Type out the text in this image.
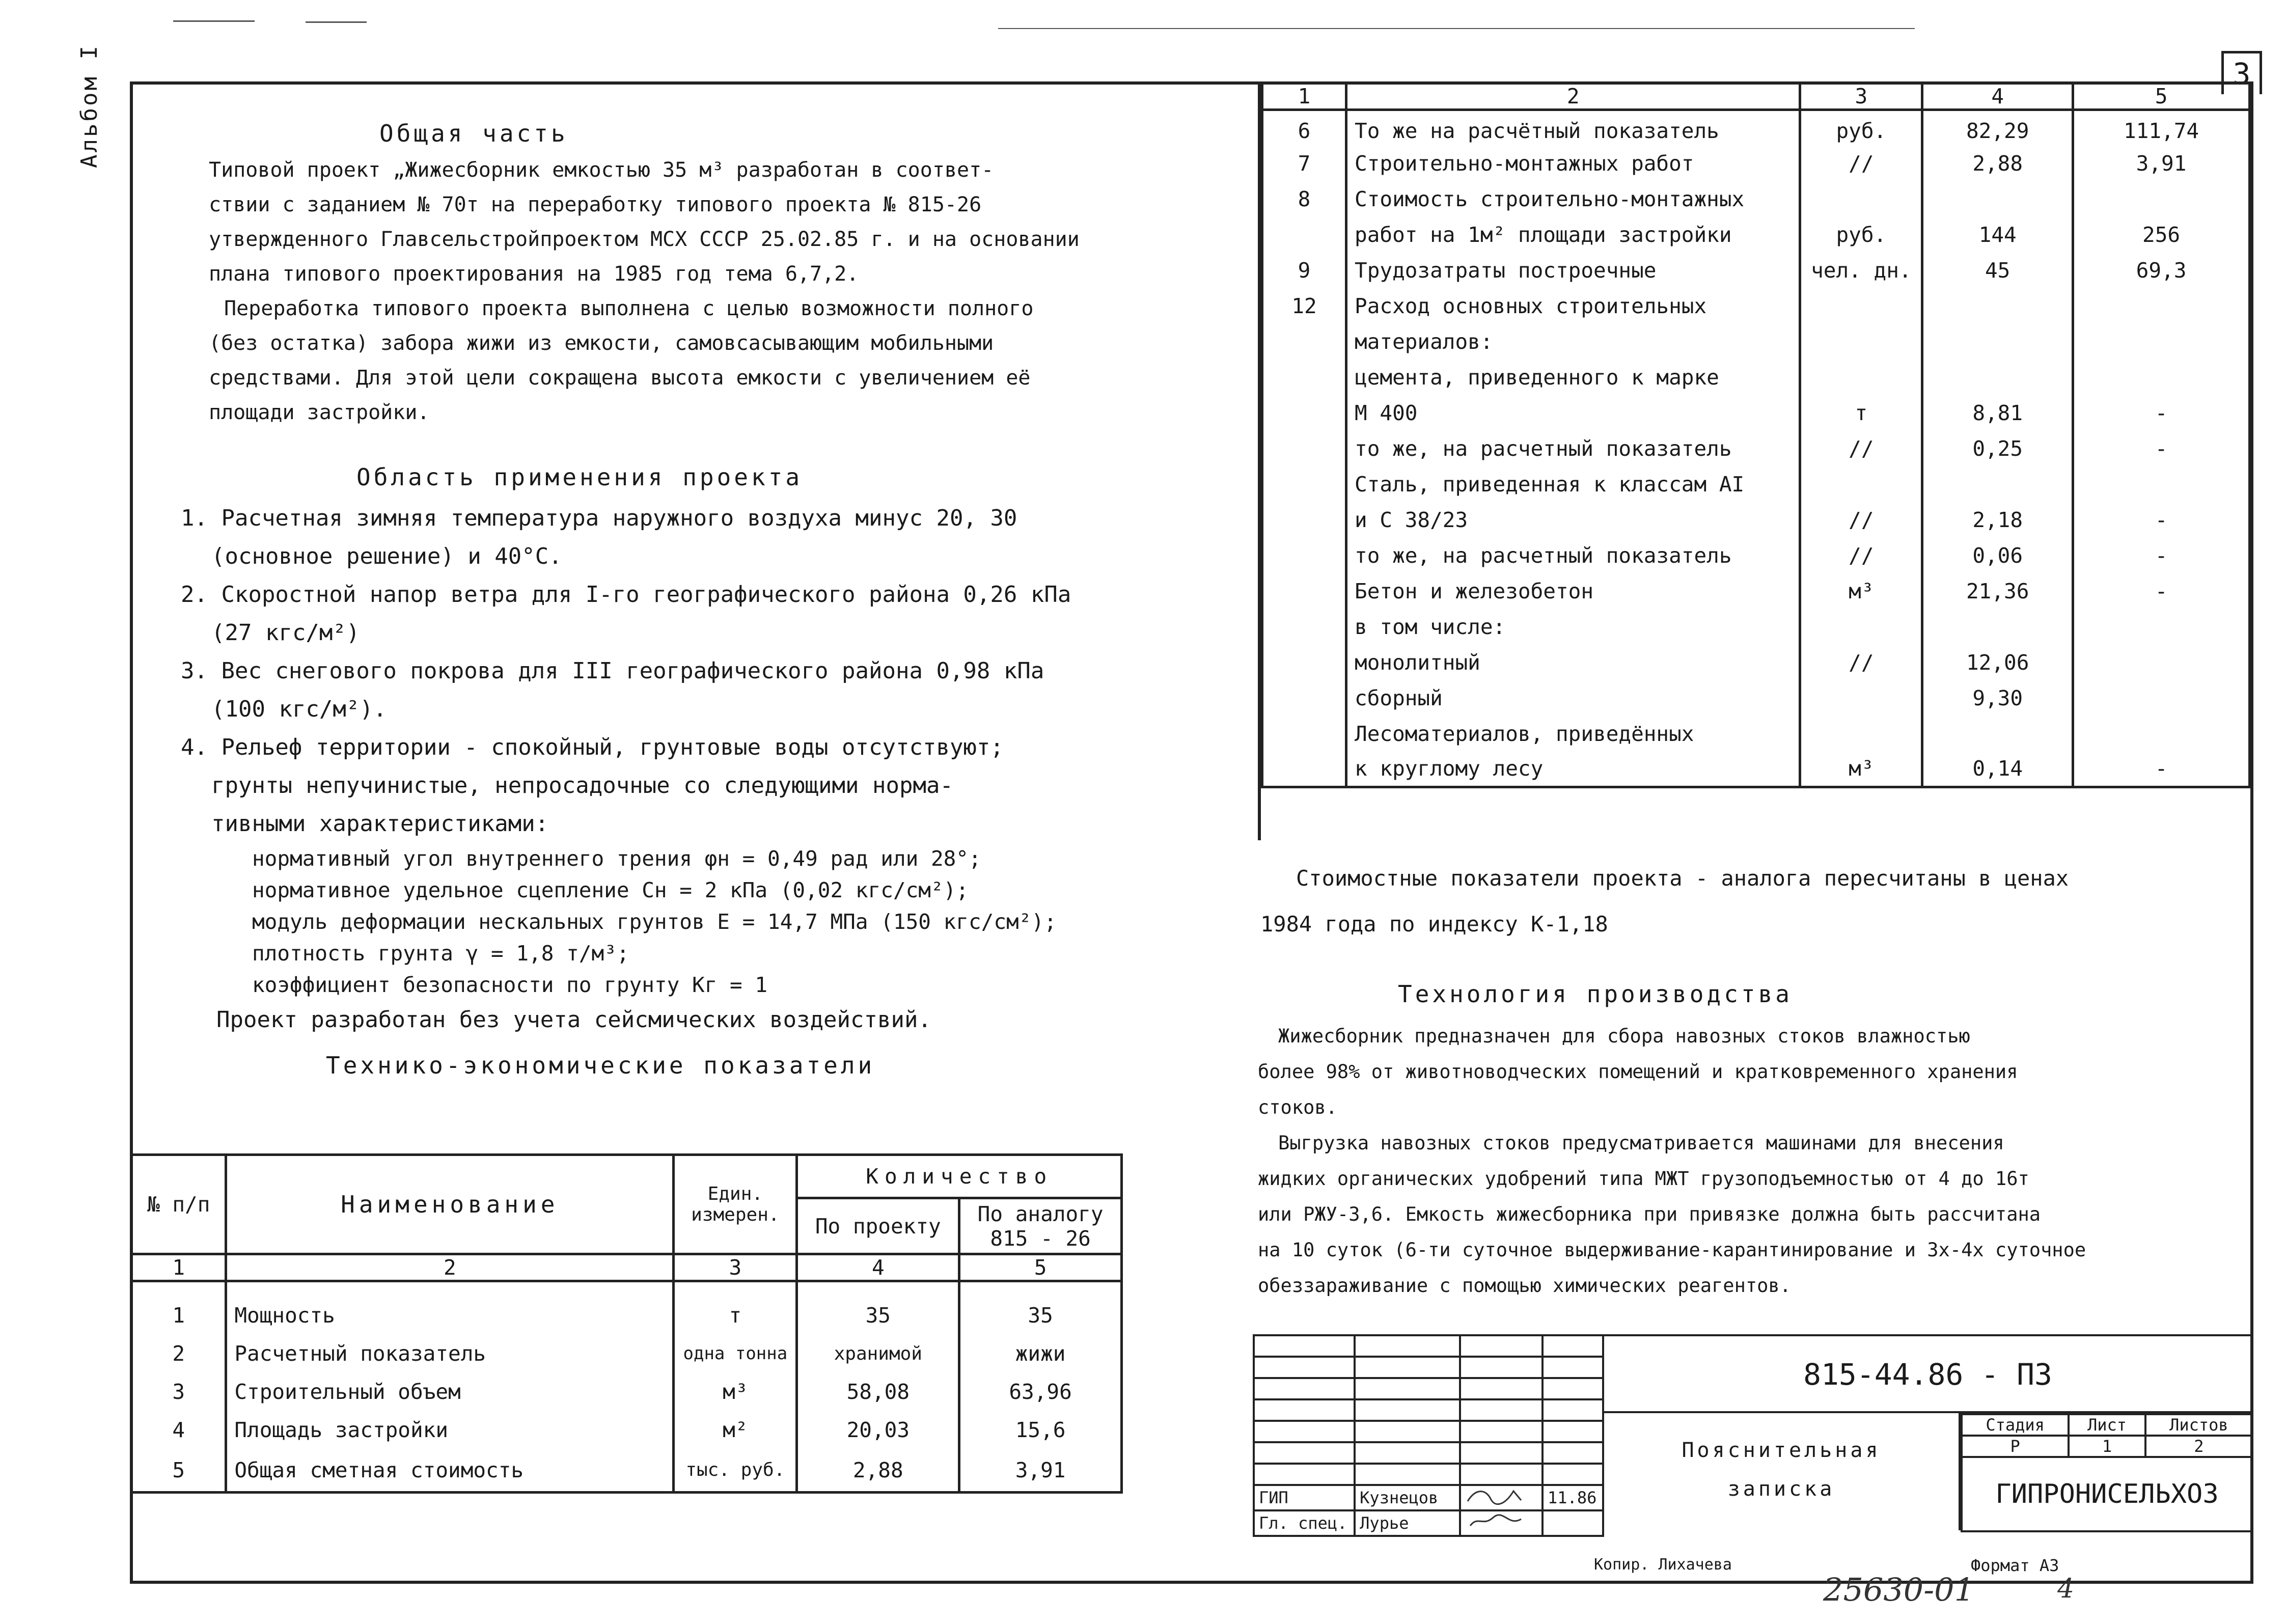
3
Альбом I	Общая часть

Типовой проект „Жижесборник емкостью 35 м³ разработан в соответ-

ствии с заданием № 70т на переработку типового проекта № 815-26

утвержденного Главсельстройпроектом МСХ СССР 25.02.85 г. и на основании

плана типового проектирования на 1985 год тема 6,7,2.

Переработка типового проекта выполнена с целью возможности полного

(без остатка) забора жижи из емкости, самовсасывающим мобильными

средствами. Для этой цели сокращена высота емкости с увеличением её

площади застройки.

Область применения проекта
1. Расчетная зимняя температура наружного воздуха минус 20, 30
(основное решение) и 40°С.
2. Скоростной напор ветра для I-го географического района 0,26 кПа
(27 кгс/м²)
3. Вес снегового покрова для III географического района 0,98 кПа
(100 кгс/м²).
4. Рельеф территории - спокойный, грунтовые воды отсутствуют;
грунты непучинистые, непросадочные со следующими норма-
тивными характеристиками:
нормативный угол внутреннего трения φн = 0,49 рад или 28°;
нормативное удельное сцепление Cн = 2 кПа (0,02 кгс/см²);
модуль деформации нескальных грунтов Е = 14,7 МПа (150 кгс/см²);
плотность грунта γ = 1,8 т/м³;
коэффициент безопасности по грунту Kг = 1
Проект разработан без учета сейсмических воздействий.
Технико-экономические показатели
№ п/п	Наименование	Един. измерен.	Количество	
			По проекту	По аналогу 815 - 26
1	2	3	4	5

1	Мощность	т	35	35
2	Расчетный показатель	одна тонна	хранимой	жижи
3	Строительный объем	м³	58,08	63,96
4	Площадь застройки	м²	20,03	15,6
5	Общая сметная стоимость	тыс. руб.	2,88	3,91
1	2	3	4	5
6	То же на расчётный показатель	руб.	82,29	111,74
7	Строительно-монтажных работ	//	2,88	3,91
8	Стоимость строительно-монтажных			
	работ на 1м² площади застройки	руб.	144	256
9	Трудозатраты построечные	чел. дн.	45	69,3
12	Расход основных строительных			
	материалов:			
	цемента, приведенного к марке			
	М 400	т	8,81	-
	то же, на расчетный показатель	//	0,25	-
	Сталь, приведенная к классам AI			
	и С 38/23	//	2,18	-
	то же, на расчетный показатель	//	0,06	-
	Бетон и железобетон	м³	21,36	-
	в том числе:			
	монолитный	//	12,06	
	сборный		9,30	
	Лесоматериалов, приведённых			
	к круглому лесу	м³	0,14	-

Стоимостные показатели проекта - аналога пересчитаны в ценах

1984 года по индексу К-1,18

Технология производства

Жижесборник предназначен для сбора навозных стоков влажностью

более 98% от животноводческих помещений и кратковременного хранения

стоков.

Выгрузка навозных стоков предусматривается машинами для внесения

жидких органических удобрений типа МЖТ грузоподъемностью от 4 до 16т

или РЖУ-3,6. Емкость жижесборника при привязке должна быть рассчитана

на 10 суток (6-ти суточное выдерживание-карантинирование и 3х-4х суточное

обеззараживание с помощью химических реагентов.

ГИП	Кузнецов		11.86
Гл. спец.	Лурье		
815-44.86 - ПЗ
Пояснительная
записка
Стадия	Лист	Листов
Р	1	2
ГИПРОНИСЕЛЬХОЗ		
Копир. Лихачева	Формат А3
25630-01	4
